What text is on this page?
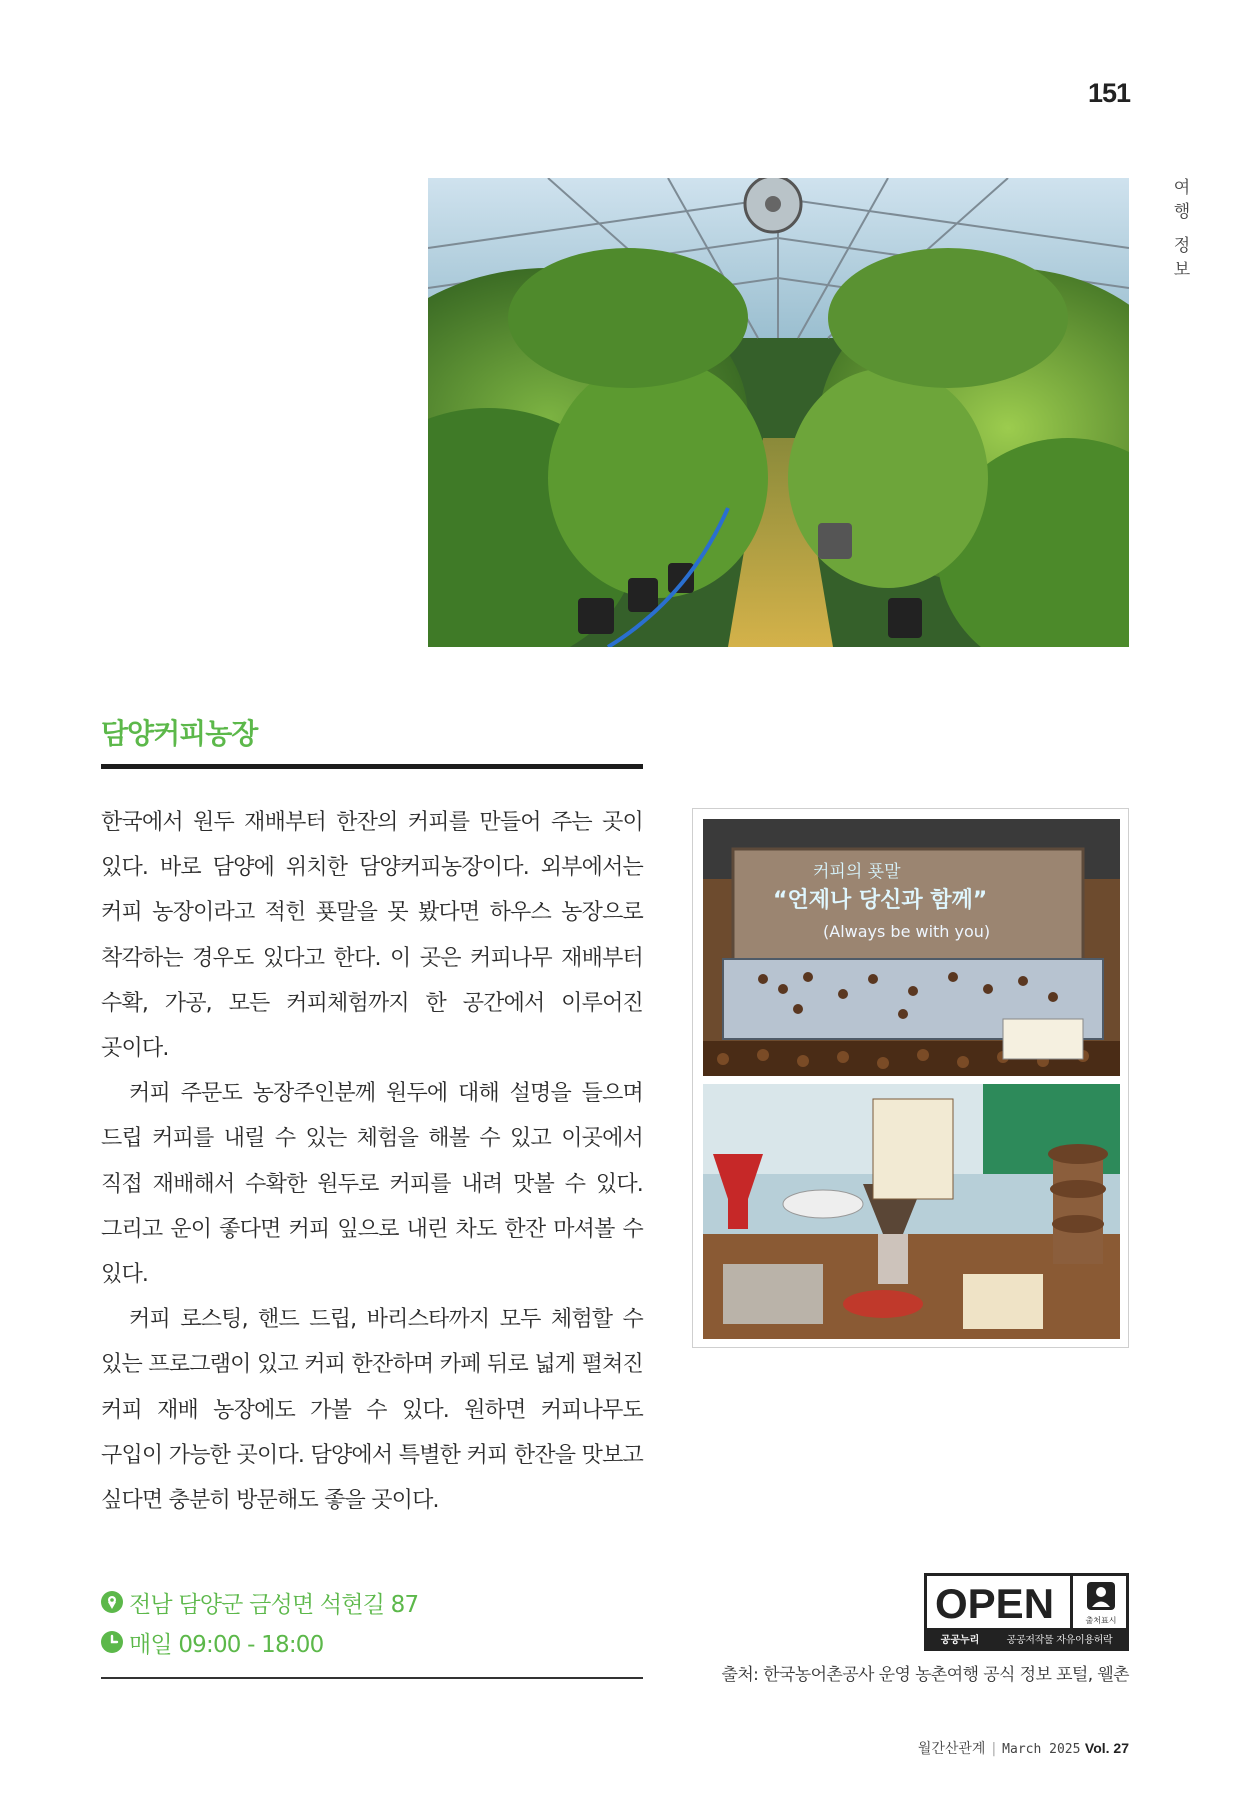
151
여
행
정
보
담양커피농장

한국에서 원두 재배부터 한잔의 커피를 만들어 주는 곳이 있다. 바로 담양에 위치한 담양커피농장이다. 외부에서는 커피 농장이라고 적힌 푯말을 못 봤다면 하우스 농장으로 착각하는 경우도 있다고 한다. 이 곳은 커피나무 재배부터 수확, 가공, 모든 커피체험까지 한 공간에서 이루어진 곳이다.

커피 주문도 농장주인분께 원두에 대해 설명을 들으며 드립 커피를 내릴 수 있는 체험을 해볼 수 있고 이곳에서 직접 재배해서 수확한 원두로 커피를 내려 맛볼 수 있다. 그리고 운이 좋다면 커피 잎으로 내린 차도 한잔 마셔볼 수 있다.

커피 로스팅, 핸드 드립, 바리스타까지 모두 체험할 수 있는 프로그램이 있고 커피 한잔하며 카페 뒤로 넓게 펼쳐진 커피 재배 농장에도 가볼 수 있다. 원하면 커피나무도 구입이 가능한 곳이다. 담양에서 특별한 커피 한잔을 맛보고 싶다면 충분히 방문해도 좋을 곳이다.

커피의 푯말
“언제나 당신과 함께”
(Always be with you)
전남 담양군 금성면 석현길 87
매일 09:00 - 18:00
OPEN	출처표시
공공누리	공공저작물 자유이용허락
출처: 한국농어촌공사 운영 농촌여행 공식 정보 포털, 웰촌
월간산관계 | March 2025 Vol. 27
